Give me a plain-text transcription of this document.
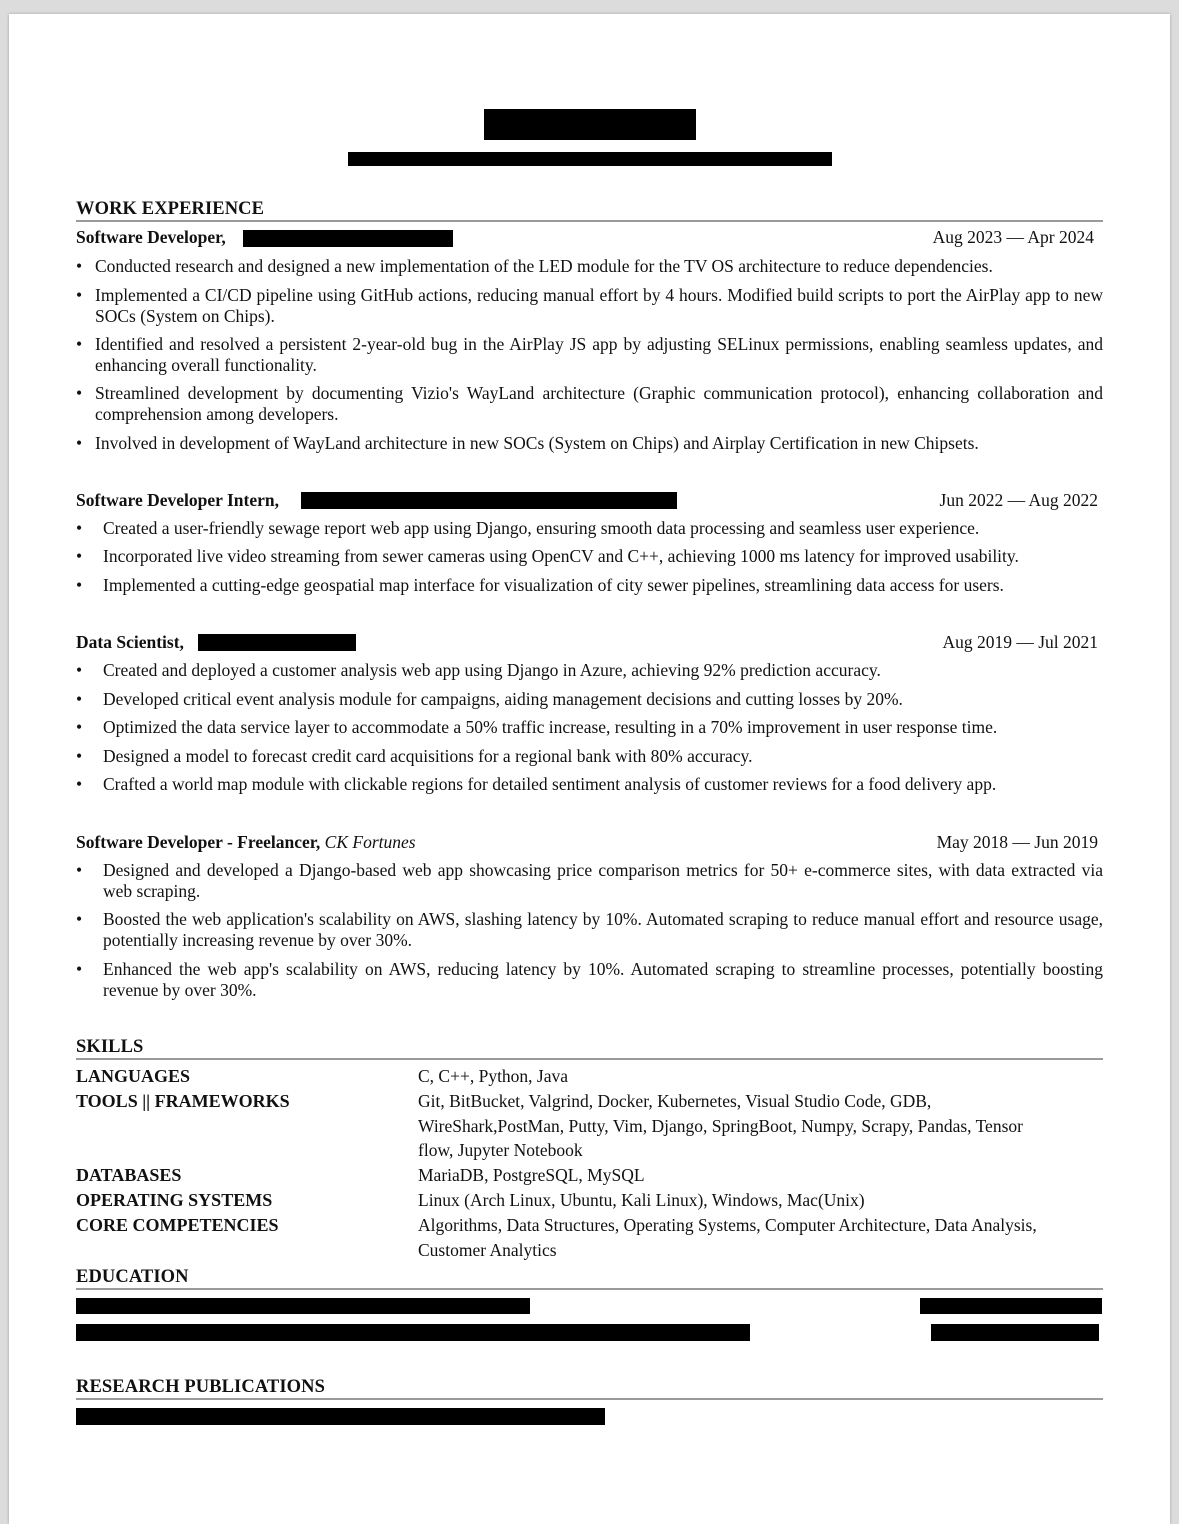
WORK EXPERIENCE
Software Developer,	Aug 2023 — Apr 2024
• Conducted research and designed a new implementation of the LED module for the TV OS architecture to reduce dependencies.
• Implemented a CI/CD pipeline using GitHub actions, reducing manual effort by 4 hours. Modified build scripts to port the AirPlay app to new SOCs (System on Chips).
• Identified and resolved a persistent 2-year-old bug in the AirPlay JS app by adjusting SELinux permissions, enabling seamless updates, and enhancing overall functionality.
• Streamlined development by documenting Vizio's WayLand architecture (Graphic communication protocol), enhancing collaboration and comprehension among developers.
• Involved in development of WayLand architecture in new SOCs (System on Chips) and Airplay Certification in new Chipsets.
Software Developer Intern,	Jun 2022 — Aug 2022
• Created a user-friendly sewage report web app using Django, ensuring smooth data processing and seamless user experience.
• Incorporated live video streaming from sewer cameras using OpenCV and C++, achieving 1000 ms latency for improved usability.
• Implemented a cutting-edge geospatial map interface for visualization of city sewer pipelines, streamlining data access for users.
Data Scientist,	Aug 2019 — Jul 2021
• Created and deployed a customer analysis web app using Django in Azure, achieving 92% prediction accuracy.
• Developed critical event analysis module for campaigns, aiding management decisions and cutting losses by 20%.
• Optimized the data service layer to accommodate a 50% traffic increase, resulting in a 70% improvement in user response time.
• Designed a model to forecast credit card acquisitions for a regional bank with 80% accuracy.
• Crafted a world map module with clickable regions for detailed sentiment analysis of customer reviews for a food delivery app.
Software Developer - Freelancer, CK Fortunes	May 2018 — Jun 2019
• Designed and developed a Django-based web app showcasing price comparison metrics for 50+ e-commerce sites, with data extracted via web scraping.
• Boosted the web application's scalability on AWS, slashing latency by 10%. Automated scraping to reduce manual effort and resource usage, potentially increasing revenue by over 30%.
• Enhanced the web app's scalability on AWS, reducing latency by 10%. Automated scraping to streamline processes, potentially boosting revenue by over 30%.
SKILLS
LANGUAGES	C, C++, Python, Java
TOOLS || FRAMEWORKS	Git, BitBucket, Valgrind, Docker, Kubernetes, Visual Studio Code, GDB, WireShark,PostMan, Putty, Vim, Django, SpringBoot, Numpy, Scrapy, Pandas, Tensor flow, Jupyter Notebook
DATABASES	MariaDB, PostgreSQL, MySQL
OPERATING SYSTEMS	Linux (Arch Linux, Ubuntu, Kali Linux), Windows, Mac(Unix)
CORE COMPETENCIES	Algorithms, Data Structures, Operating Systems, Computer Architecture, Data Analysis, Customer Analytics
EDUCATION
RESEARCH PUBLICATIONS
